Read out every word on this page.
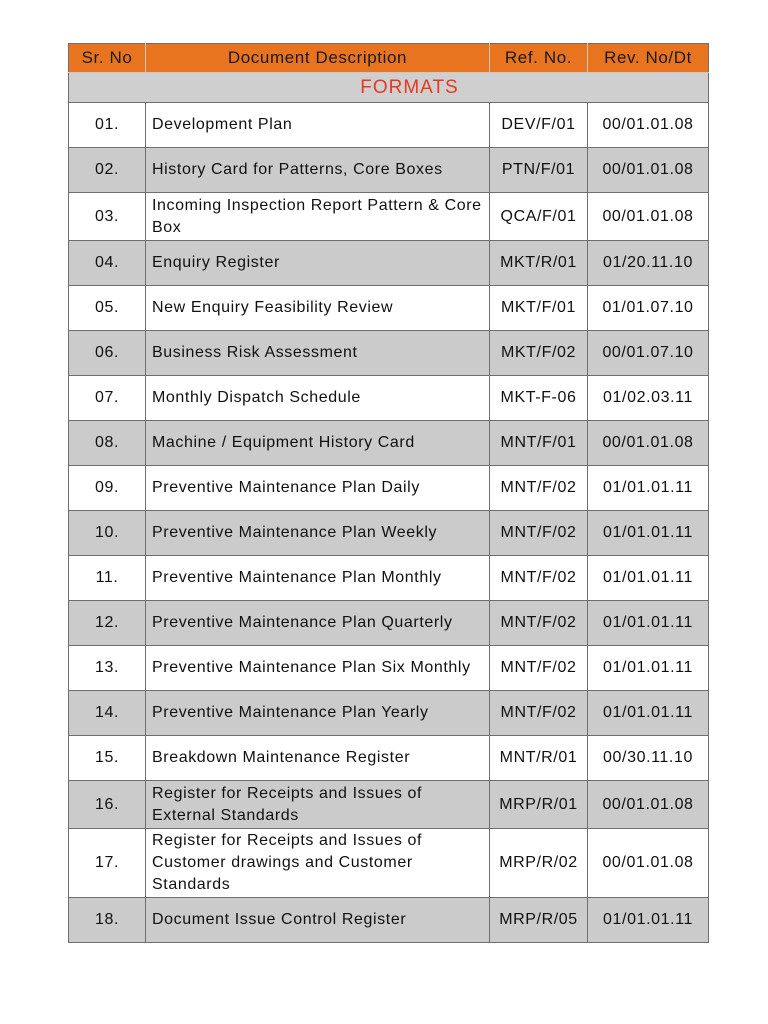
Sr. No	Document Description	Ref. No.	Rev. No/Dt
FORMATS			
01.	Development Plan	DEV/F/01	00/01.01.08
02.	History Card for Patterns, Core Boxes	PTN/F/01	00/01.01.08
03.	Incoming Inspection Report Pattern & Core Box	QCA/F/01	00/01.01.08
04.	Enquiry Register	MKT/R/01	01/20.11.10
05.	New Enquiry Feasibility Review	MKT/F/01	01/01.07.10
06.	Business Risk Assessment	MKT/F/02	00/01.07.10
07.	Monthly Dispatch Schedule	MKT-F-06	01/02.03.11
08.	Machine / Equipment History Card	MNT/F/01	00/01.01.08
09.	Preventive Maintenance Plan Daily	MNT/F/02	01/01.01.11
10.	Preventive Maintenance Plan Weekly	MNT/F/02	01/01.01.11
11.	Preventive Maintenance Plan Monthly	MNT/F/02	01/01.01.11
12.	Preventive Maintenance Plan Quarterly	MNT/F/02	01/01.01.11
13.	Preventive Maintenance Plan Six Monthly	MNT/F/02	01/01.01.11
14.	Preventive Maintenance Plan Yearly	MNT/F/02	01/01.01.11
15.	Breakdown Maintenance Register	MNT/R/01	00/30.11.10
16.	Register for Receipts and Issues of External Standards	MRP/R/01	00/01.01.08
17.	Register for Receipts and Issues of Customer drawings and Customer Standards	MRP/R/02	00/01.01.08
18.	Document Issue Control Register	MRP/R/05	01/01.01.11
